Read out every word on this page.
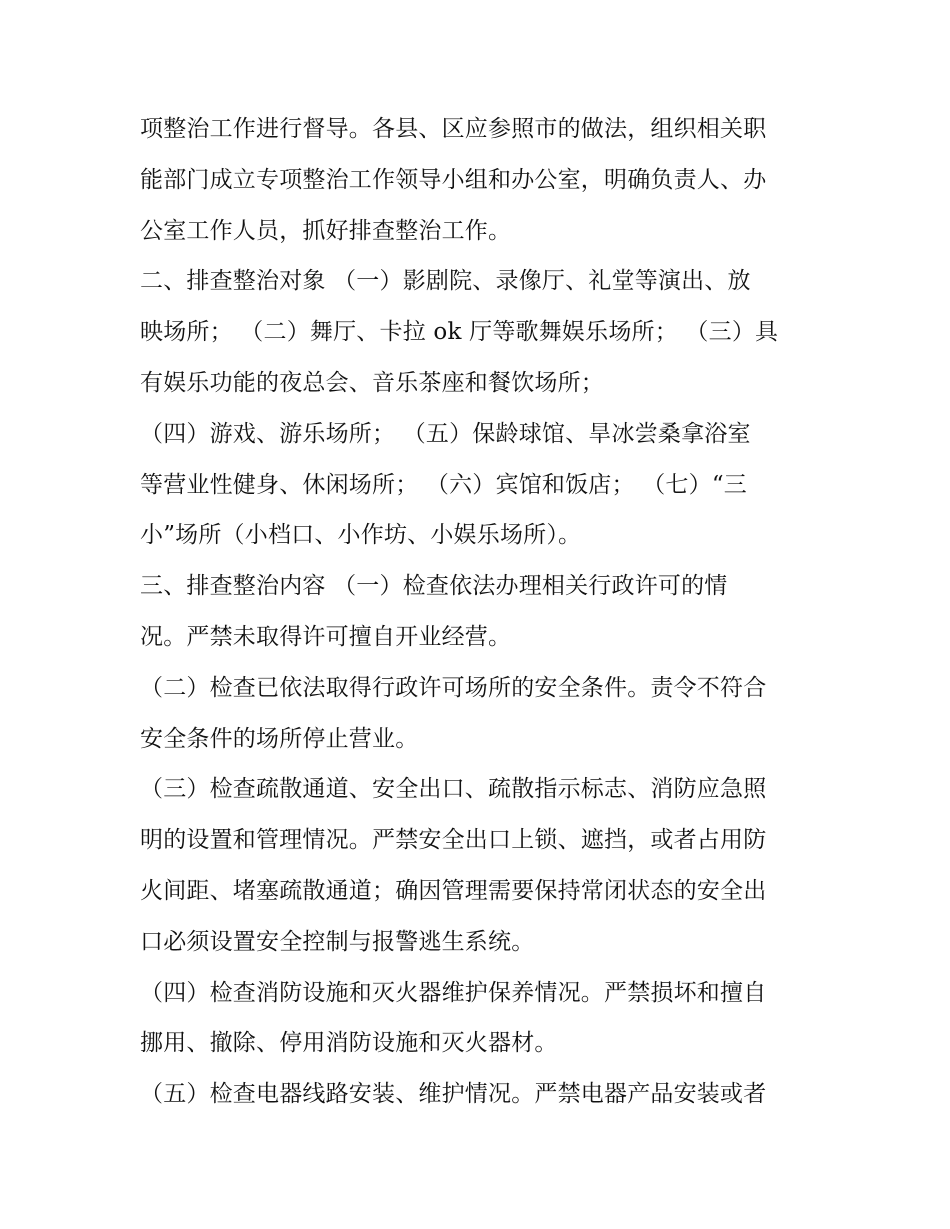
项整治工作进行督导。各县、区应参照市的做法，组织相关职
能部门成立专项整治工作领导小组和办公室，明确负责人、办
公室工作人员，抓好排查整治工作。
二、排查整治对象 （一）影剧院、录像厅、礼堂等演出、放
映场所； （二）舞厅、卡拉 ok 厅等歌舞娱乐场所； （三）具
有娱乐功能的夜总会、音乐茶座和餐饮场所；
（四）游戏、游乐场所； （五）保龄球馆、旱冰尝桑拿浴室
等营业性健身、休闲场所； （六）宾馆和饭店； （七）“三
小”场所（小档口、小作坊、小娱乐场所）。
三、排查整治内容 （一）检查依法办理相关行政许可的情
况。严禁未取得许可擅自开业经营。
（二）检查已依法取得行政许可场所的安全条件。责令不符合
安全条件的场所停止营业。
（三）检查疏散通道、安全出口、疏散指示标志、消防应急照
明的设置和管理情况。严禁安全出口上锁、遮挡，或者占用防
火间距、堵塞疏散通道；确因管理需要保持常闭状态的安全出
口必须设置安全控制与报警逃生系统。
（四）检查消防设施和灭火器维护保养情况。严禁损坏和擅自
挪用、撤除、停用消防设施和灭火器材。
（五）检查电器线路安装、维护情况。严禁电器产品安装或者
